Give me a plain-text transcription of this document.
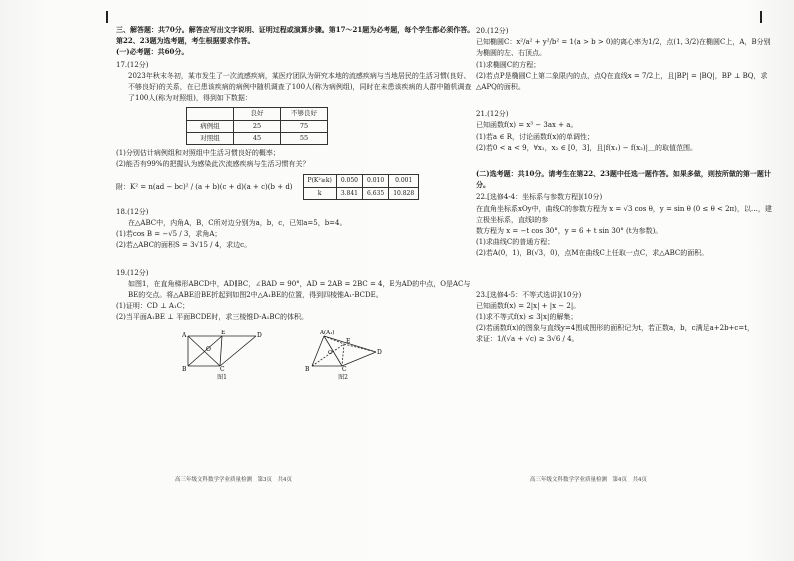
三、解答题：共70分。解答应写出文字说明、证明过程或演算步骤。第17～21题为必考题，每个学生都必须作答。第22、23题为选考题，考生根据要求作答。

(一)必考题：共60分。

17.(12分)

2023年秋末冬初，某市发生了一次流感疾病，某医疗团队为研究本地的流感疾病与当地居民的生活习惯(良好、不够良好)的关系，在已患该疾病的病例中随机调查了100人(称为病例组)，同时在未患该疾病的人群中随机调查了100人(称为对照组)，得到如下数据：

	良好	不够良好
病例组	25	75
对照组	45	55

(1)分别估计病例组和对照组中生活习惯良好的概率；

(2)能否有99%的把握认为感染此次流感疾病与生活习惯有关？

附：K² = n(ad − bc)² / (a + b)(c + d)(a + c)(b + d)
P(K²≥k)	0.050	0.010	0.001
k	3.841	6.635	10.828

18.(12分)

在△ABC中，内角A，B，C所对边分别为a，b，c，已知a=5，b=4。

(1)若cos B = −√5 / 3，求角A；

(2)若△ABC的面积S = 3√15 / 4，求边c。

19.(12分)

如图1，在直角梯形ABCD中，AD∥BC，∠BAD = 90°，AD = 2AB = 2BC = 4，E为AD的中点，O是AC与BE的交点。将△ABE沿BE折起到如图2中△A₁BE的位置，得到四棱锥A₁-BCDE。

(1)证明：CD ⊥ A₁C；

(2)当平面A₁BE ⊥ 平面BCDE时，求三棱锥D-A₁BC的体积。

A	E	D
O
B	C
图1
A(A₁)
E
D
O
B	C
图2
高三年级文科数学学业质量检测　第3页　共4页

20.(12分)

已知椭圆C：x²/a² + y²/b² = 1(a > b > 0)的离心率为1/2，点(1, 3/2)在椭圆C上，A，B分别为椭圆的左、右顶点。

(1)求椭圆C的方程；

(2)若点P是椭圆C上第二象限内的点，点Q在直线x = 7/2上，且|BP| = |BQ|，BP ⊥ BQ，求△APQ的面积。

21.(12分)

已知函数f(x) = x³ − 3ax + a。

(1)若a ∈ R，讨论函数f(x)的单调性；

(2)若0 < a < 9，∀x₁，x₂ ∈ [0，3]，且|f(x₁) − f(x₂)|＿的取值范围。

(二)选考题：共10分。请考生在第22、23题中任选一题作答。如果多做，则按所做的第一题计分。

22.[选修4-4：坐标系与参数方程](10分)

在直角坐标系xOy中，曲线C的参数方程为 x = √3 cos θ，y = sin θ (0 ≤ θ < 2π)，以…，建立极坐标系，直线l的参

数方程为 x = −t cos 30°，y = 6 + t sin 30° (t为参数)。

(1)求曲线C的普通方程；

(2)若A(0，1)，B(√3，0)，点M在曲线C上任取一点C，求△ABC的面积。

23.[选修4-5：不等式选讲](10分)

已知函数f(x) = 2|x| + |x − 2|。

(1)求不等式f(x) ≤ 3|x|的解集；

(2)若函数f(x)的图象与直线y=4围成图形的面积记为t，若正数a，b，c满足a+2b+c=t，

求证：1/(√a + √c) ≥ 3√6 / 4。

高三年级文科数学学业质量检测　第4页　共4页
